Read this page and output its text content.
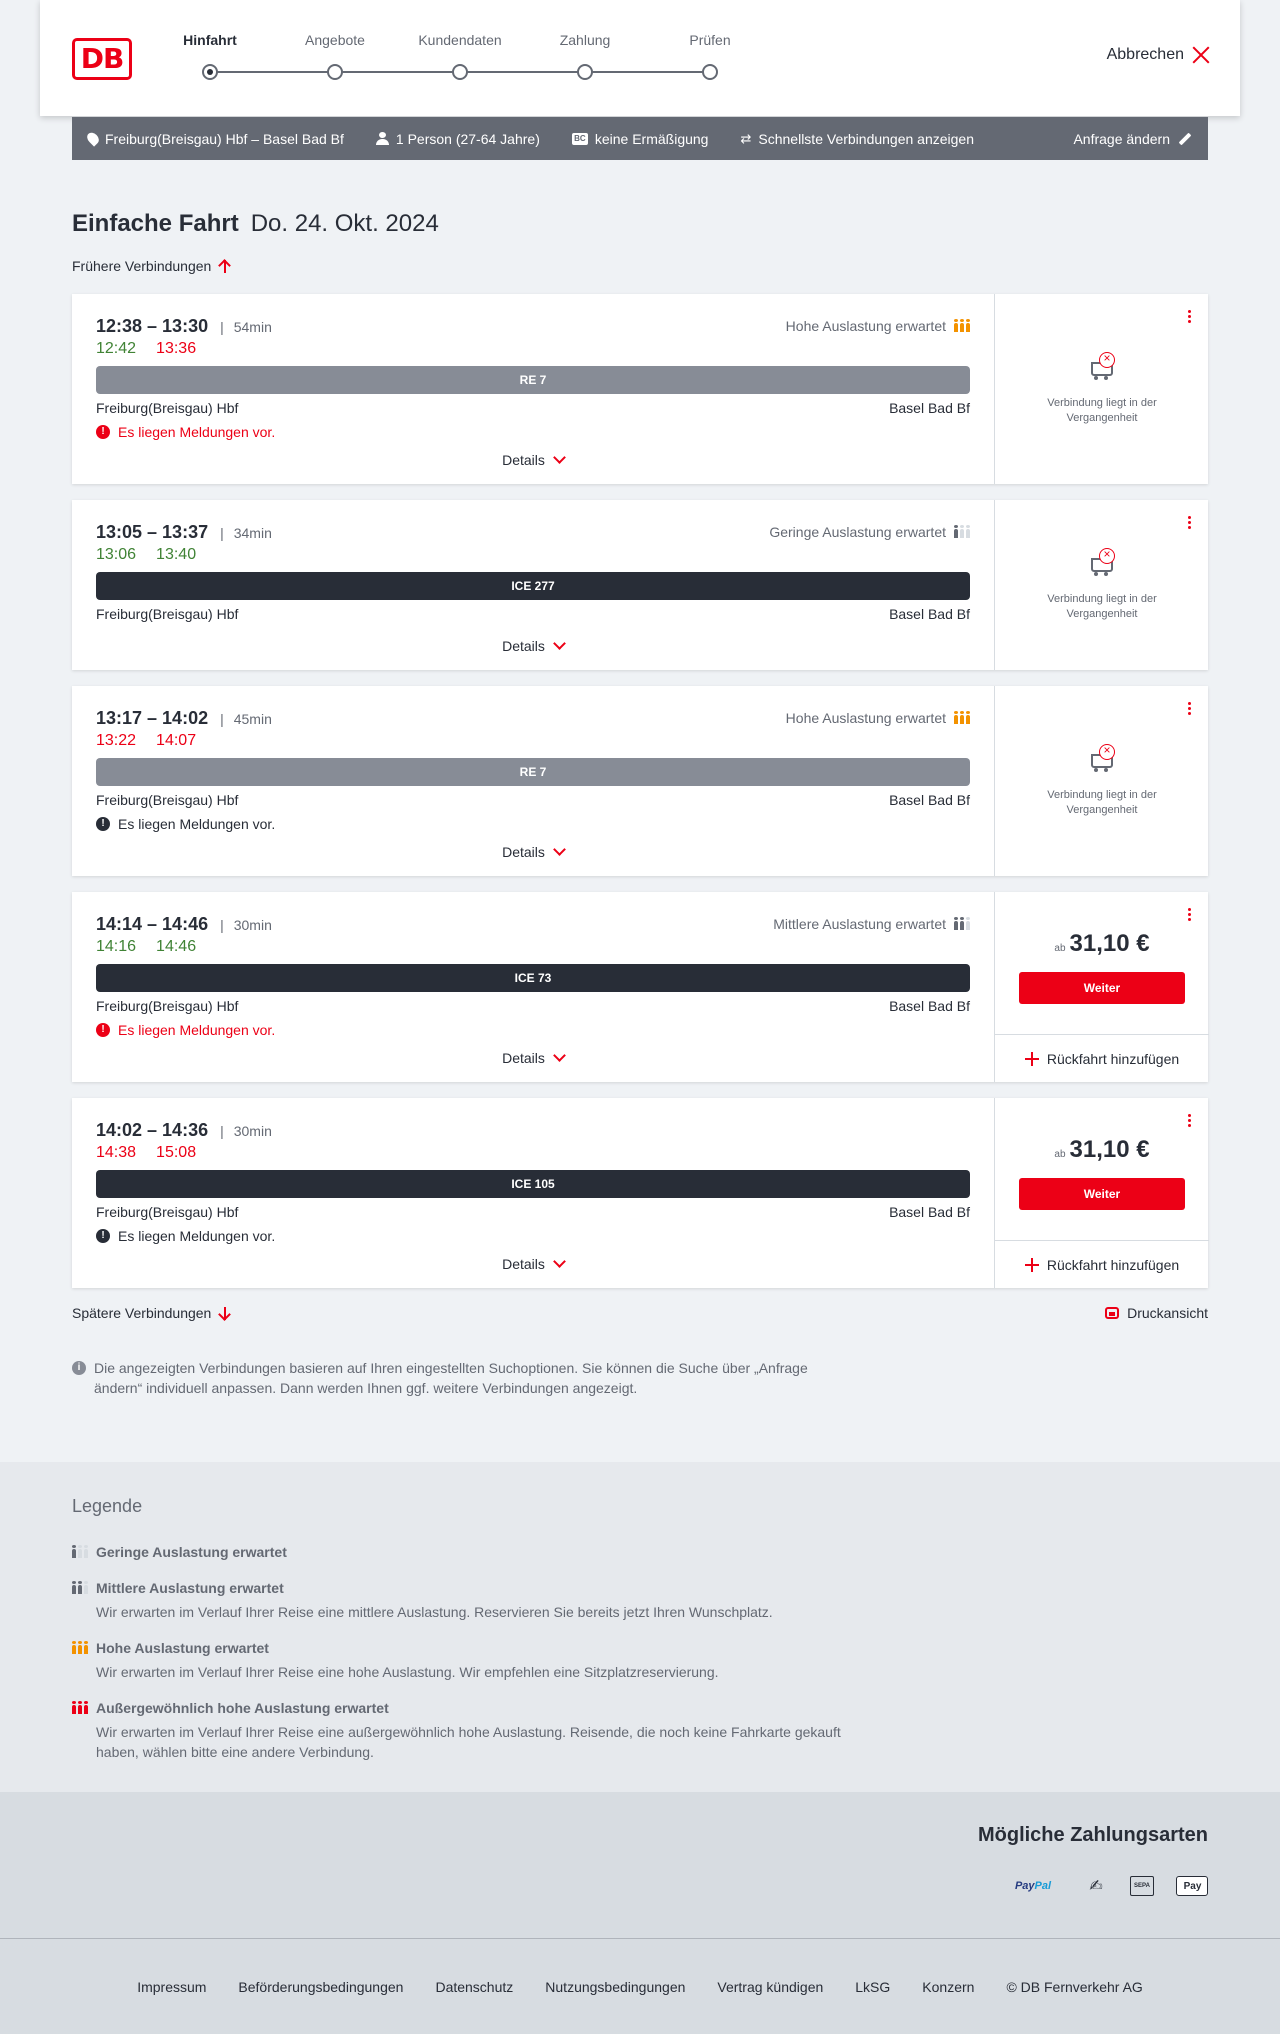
DB
Hinfahrt	Angebote	Kundendaten	Zahlung	Prüfen
Abbrechen
Freiburg(Breisgau) Hbf – Basel Bad Bf	1 Person (27-64 Jahre)	BC keine Ermäßigung ⇄ Schnellste Verbindungen anzeigen	Anfrage ändern
Einfache Fahrt Do. 24. Okt. 2024
Frühere Verbindungen
12:38 – 13:30 | 54min
12:42 13:36
Hohe Auslastung erwartet
RE 7
Freiburg(Breisgau) Hbf	Basel Bad Bf
! Es liegen Meldungen vor.
Details
×
Verbindung liegt in der Vergangenheit
13:05 – 13:37 | 34min
13:06 13:40
Geringe Auslastung erwartet
ICE 277
Freiburg(Breisgau) Hbf	Basel Bad Bf
Details
×
Verbindung liegt in der Vergangenheit
13:17 – 14:02 | 45min
13:22 14:07
Hohe Auslastung erwartet
RE 7
Freiburg(Breisgau) Hbf	Basel Bad Bf
! Es liegen Meldungen vor.
Details
×
Verbindung liegt in der Vergangenheit
14:14 – 14:46 | 30min
14:16 14:46
Mittlere Auslastung erwartet
ICE 73
Freiburg(Breisgau) Hbf	Basel Bad Bf
! Es liegen Meldungen vor.
Details
ab 31,10 €
Weiter
Rückfahrt hinzufügen
14:02 – 14:36 | 30min
14:38 15:08
ICE 105
Freiburg(Breisgau) Hbf	Basel Bad Bf
! Es liegen Meldungen vor.
Details
ab 31,10 €
Weiter
Rückfahrt hinzufügen
Spätere Verbindungen	Druckansicht
i Die angezeigten Verbindungen basieren auf Ihren eingestellten Suchoptionen. Sie können die Suche über „Anfrage ändern“ individuell anpassen. Dann werden Ihnen ggf. weitere Verbindungen angezeigt.
Legende
Geringe Auslastung erwartet
Mittlere Auslastung erwartet
Wir erwarten im Verlauf Ihrer Reise eine mittlere Auslastung. Reservieren Sie bereits jetzt Ihren Wunschplatz.
Hohe Auslastung erwartet
Wir erwarten im Verlauf Ihrer Reise eine hohe Auslastung. Wir empfehlen eine Sitzplatzreservierung.
Außergewöhnlich hohe Auslastung erwartet
Wir erwarten im Verlauf Ihrer Reise eine außergewöhnlich hohe Auslastung. Reisende, die noch keine Fahrkarte gekauft haben, wählen bitte eine andere Verbindung.
Mögliche Zahlungsarten
Pay Pal	✍	SEPA	Pay
Impressum Beförderungsbedingungen Datenschutz Nutzungsbedingungen Vertrag kündigen LkSG Konzern © DB Fernverkehr AG
